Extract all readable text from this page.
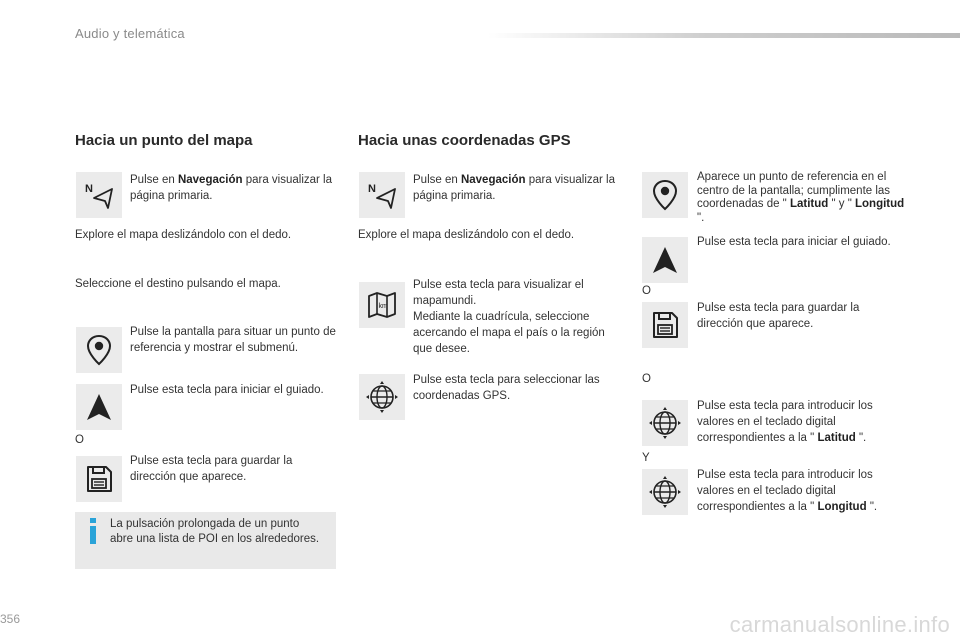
Audio y telemática
Hacia un punto del mapa
N
Pulse en Navegación para visualizar la página primaria.
Explore el mapa deslizándolo con el dedo.
Seleccione el destino pulsando el mapa.
Pulse la pantalla para situar un punto de referencia y mostrar el submenú.
Pulse esta tecla para iniciar el guiado.
O
Pulse esta tecla para guardar la dirección que aparece.
La pulsación prolongada de un punto abre una lista de POI en los alrededores.
Hacia unas coordenadas GPS
N
Pulse en Navegación para visualizar la página primaria.
Explore el mapa deslizándolo con el dedo.
km
Pulse esta tecla para visualizar el mapamundi.
Mediante la cuadrícula, seleccione acercando el mapa el país o la región que desee.
Pulse esta tecla para seleccionar las coordenadas GPS.
Aparece un punto de referencia en el centro de la pantalla; cumplimente las coordenadas de " Latitud " y " Longitud ".
Pulse esta tecla para iniciar el guiado.
O
Pulse esta tecla para guardar la dirección que aparece.
O
Pulse esta tecla para introducir los valores en el teclado digital correspondientes a la " Latitud ".
Y
Pulse esta tecla para introducir los valores en el teclado digital correspondientes a la " Longitud ".
356	carmanualsonline.info
